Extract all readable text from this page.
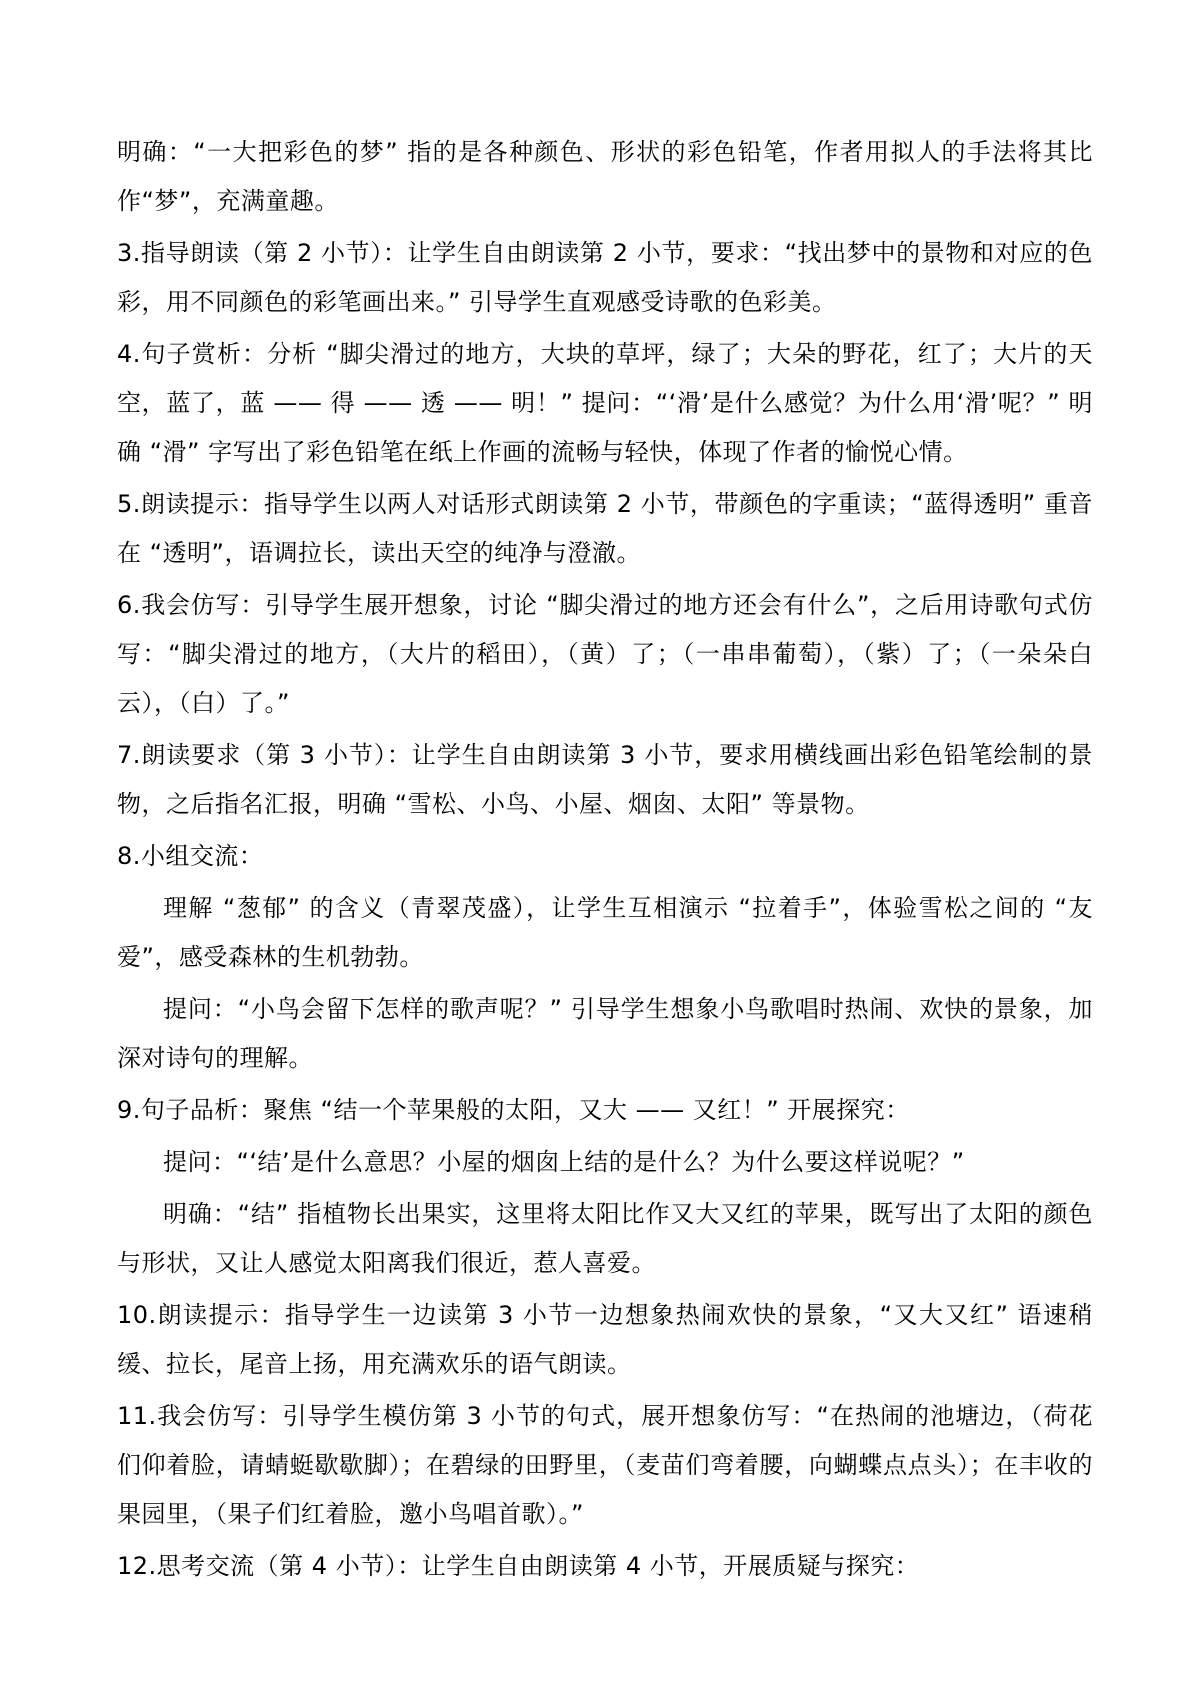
明确：“一大把彩色的梦” 指的是各种颜色、形状的彩色铅笔，作者用拟人的手法将其比作“梦”，充满童趣。

3.指导朗读（第 2 小节）：让学生自由朗读第 2 小节，要求：“找出梦中的景物和对应的色彩，用不同颜色的彩笔画出来。” 引导学生直观感受诗歌的色彩美。

4.句子赏析：分析 “脚尖滑过的地方，大块的草坪，绿了；大朵的野花，红了；大片的天空，蓝了，蓝 —— 得 —— 透 —— 明！” 提问：“‘滑’是什么感觉？为什么用‘滑’呢？” 明确 “滑” 字写出了彩色铅笔在纸上作画的流畅与轻快，体现了作者的愉悦心情。

5.朗读提示：指导学生以两人对话形式朗读第 2 小节，带颜色的字重读；“蓝得透明” 重音在 “透明”，语调拉长，读出天空的纯净与澄澈。

6.我会仿写：引导学生展开想象，讨论 “脚尖滑过的地方还会有什么”，之后用诗歌句式仿写：“脚尖滑过的地方，（大片的稻田），（黄）了；（一串串葡萄），（紫）了；（一朵朵白云），（白）了。”

7.朗读要求（第 3 小节）：让学生自由朗读第 3 小节，要求用横线画出彩色铅笔绘制的景物，之后指名汇报，明确 “雪松、小鸟、小屋、烟囱、太阳” 等景物。

8.小组交流：

理解 “葱郁” 的含义（青翠茂盛），让学生互相演示 “拉着手”，体验雪松之间的 “友爱”，感受森林的生机勃勃。

提问：“小鸟会留下怎样的歌声呢？” 引导学生想象小鸟歌唱时热闹、欢快的景象，加深对诗句的理解。

9.句子品析：聚焦 “结一个苹果般的太阳，又大 —— 又红！” 开展探究：

提问：“‘结’是什么意思？小屋的烟囱上结的是什么？为什么要这样说呢？”

明确：“结” 指植物长出果实，这里将太阳比作又大又红的苹果，既写出了太阳的颜色与形状，又让人感觉太阳离我们很近，惹人喜爱。

10.朗读提示：指导学生一边读第 3 小节一边想象热闹欢快的景象，“又大又红” 语速稍缓、拉长，尾音上扬，用充满欢乐的语气朗读。

11.我会仿写：引导学生模仿第 3 小节的句式，展开想象仿写：“在热闹的池塘边，（荷花们仰着脸，请蜻蜓歇歇脚）；在碧绿的田野里，（麦苗们弯着腰，向蝴蝶点点头）；在丰收的果园里，（果子们红着脸，邀小鸟唱首歌）。”

12.思考交流（第 4 小节）：让学生自由朗读第 4 小节，开展质疑与探究：
